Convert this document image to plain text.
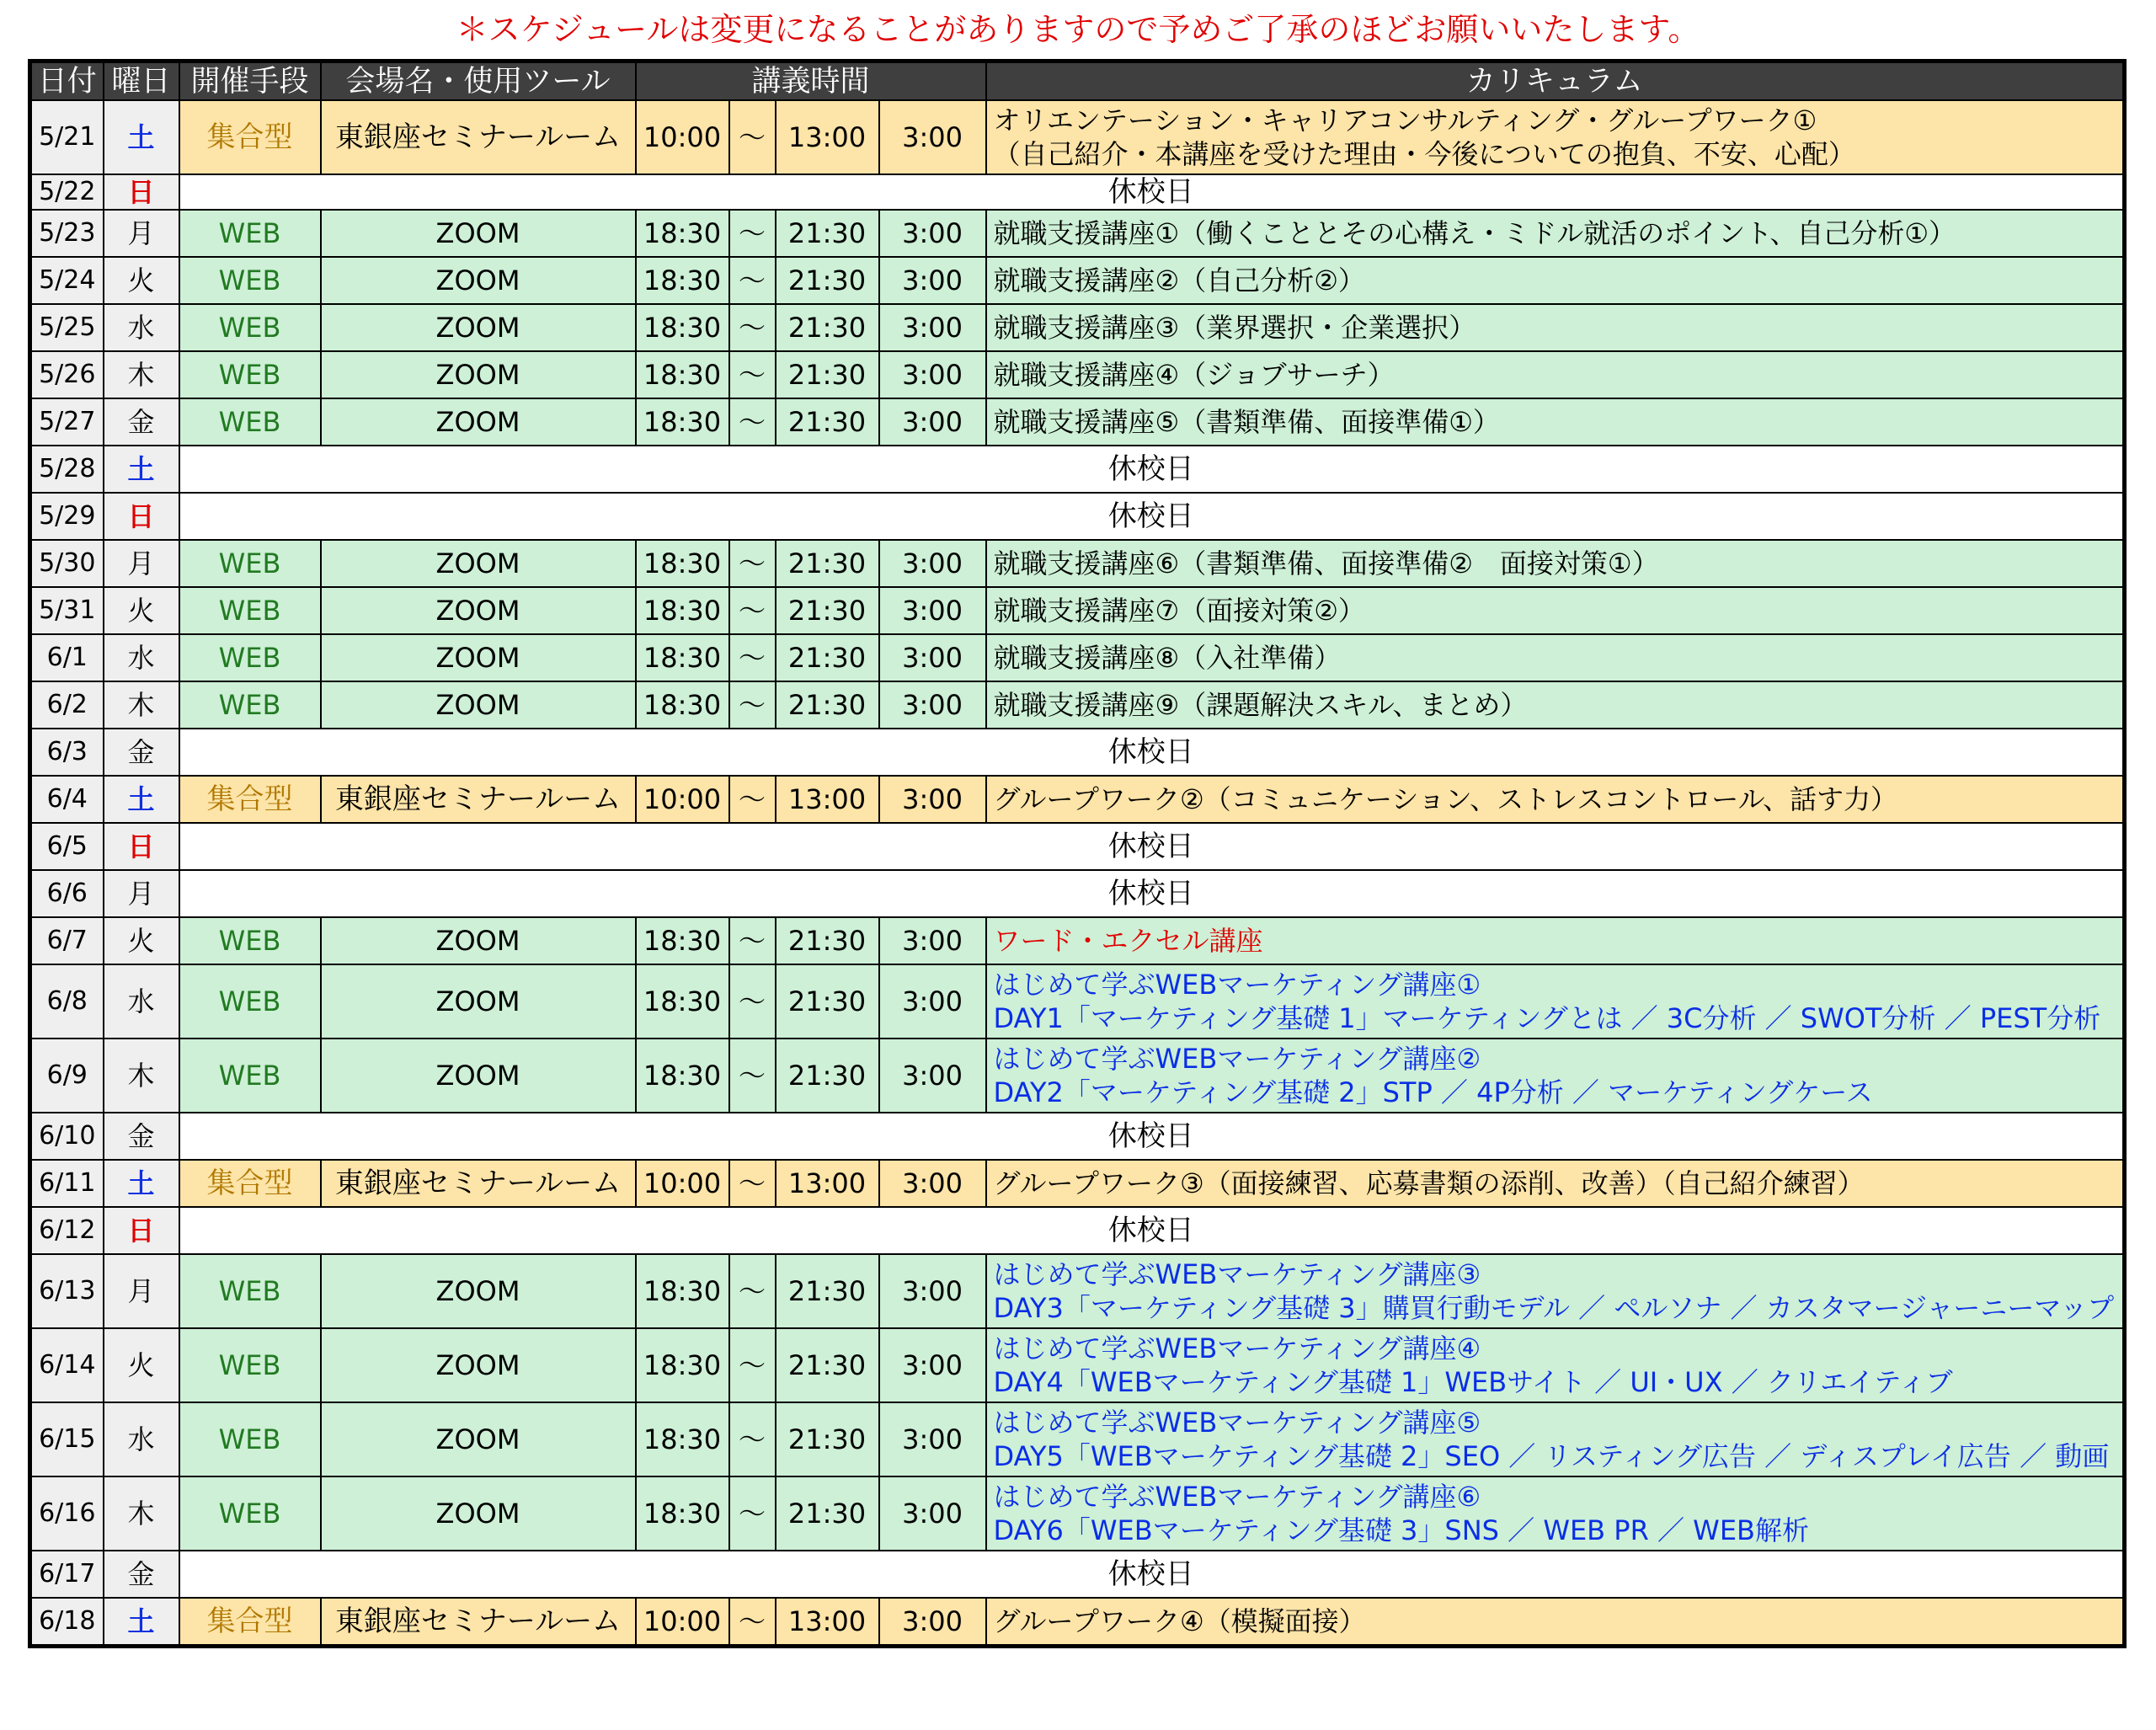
＊スケジュールは変更になることがありますので予めご了承のほどお願いいたします。
日付	曜日	開催手段	会場名・使用ツール	講義時間				カリキュラム
5/21	土	集合型	東銀座セミナールーム	10:00	～	13:00	3:00	オリエンテーション・キャリアコンサルティング・グループワーク①
（自己紹介・本講座を受けた理由・今後についての抱負、不安、心配）

5/22	日	休校日						
5/23	月	WEB	ZOOM	18:30	～	21:30	3:00	就職支援講座①（働くこととその心構え・ミドル就活のポイント、自己分析①）

5/24	火	WEB	ZOOM	18:30	～	21:30	3:00	就職支援講座②（自己分析②）

5/25	水	WEB	ZOOM	18:30	～	21:30	3:00	就職支援講座③（業界選択・企業選択）

5/26	木	WEB	ZOOM	18:30	～	21:30	3:00	就職支援講座④（ジョブサーチ）

5/27	金	WEB	ZOOM	18:30	～	21:30	3:00	就職支援講座⑤（書類準備、面接準備①）

5/28	土	休校日						
5/29	日	休校日						
5/30	月	WEB	ZOOM	18:30	～	21:30	3:00	就職支援講座⑥（書類準備、面接準備②　面接対策①）

5/31	火	WEB	ZOOM	18:30	～	21:30	3:00	就職支援講座⑦（面接対策②）

6/1	水	WEB	ZOOM	18:30	～	21:30	3:00	就職支援講座⑧（入社準備）

6/2	木	WEB	ZOOM	18:30	～	21:30	3:00	就職支援講座⑨（課題解決スキル、まとめ）

6/3	金	休校日						
6/4	土	集合型	東銀座セミナールーム	10:00	～	13:00	3:00	グループワーク②（コミュニケーション、ストレスコントロール、話す力）

6/5	日	休校日						
6/6	月	休校日						
6/7	火	WEB	ZOOM	18:30	～	21:30	3:00	ワード・エクセル講座

6/8	水	WEB	ZOOM	18:30	～	21:30	3:00	はじめて学ぶWEBマーケティング講座①
DAY1「マーケティング基礎 1」マーケティングとは ／ 3C分析 ／ SWOT分析 ／ PEST分析

6/9	木	WEB	ZOOM	18:30	～	21:30	3:00	はじめて学ぶWEBマーケティング講座②
DAY2「マーケティング基礎 2」STP ／ 4P分析 ／ マーケティングケース

6/10	金	休校日						
6/11	土	集合型	東銀座セミナールーム	10:00	～	13:00	3:00	グループワーク③（面接練習、応募書類の添削、改善）（自己紹介練習）

6/12	日	休校日						
6/13	月	WEB	ZOOM	18:30	～	21:30	3:00	はじめて学ぶWEBマーケティング講座③
DAY3「マーケティング基礎 3」購買行動モデル ／ ペルソナ ／ カスタマージャーニーマップ

6/14	火	WEB	ZOOM	18:30	～	21:30	3:00	はじめて学ぶWEBマーケティング講座④
DAY4「WEBマーケティング基礎 1」WEBサイト ／ UI・UX ／ クリエイティブ

6/15	水	WEB	ZOOM	18:30	～	21:30	3:00	はじめて学ぶWEBマーケティング講座⑤
DAY5「WEBマーケティング基礎 2」SEO ／ リスティング広告 ／ ディスプレイ広告 ／ 動画

6/16	木	WEB	ZOOM	18:30	～	21:30	3:00	はじめて学ぶWEBマーケティング講座⑥
DAY6「WEBマーケティング基礎 3」SNS ／ WEB PR ／ WEB解析

6/17	金	休校日						
6/18	土	集合型	東銀座セミナールーム	10:00	～	13:00	3:00	グループワーク④（模擬面接）
